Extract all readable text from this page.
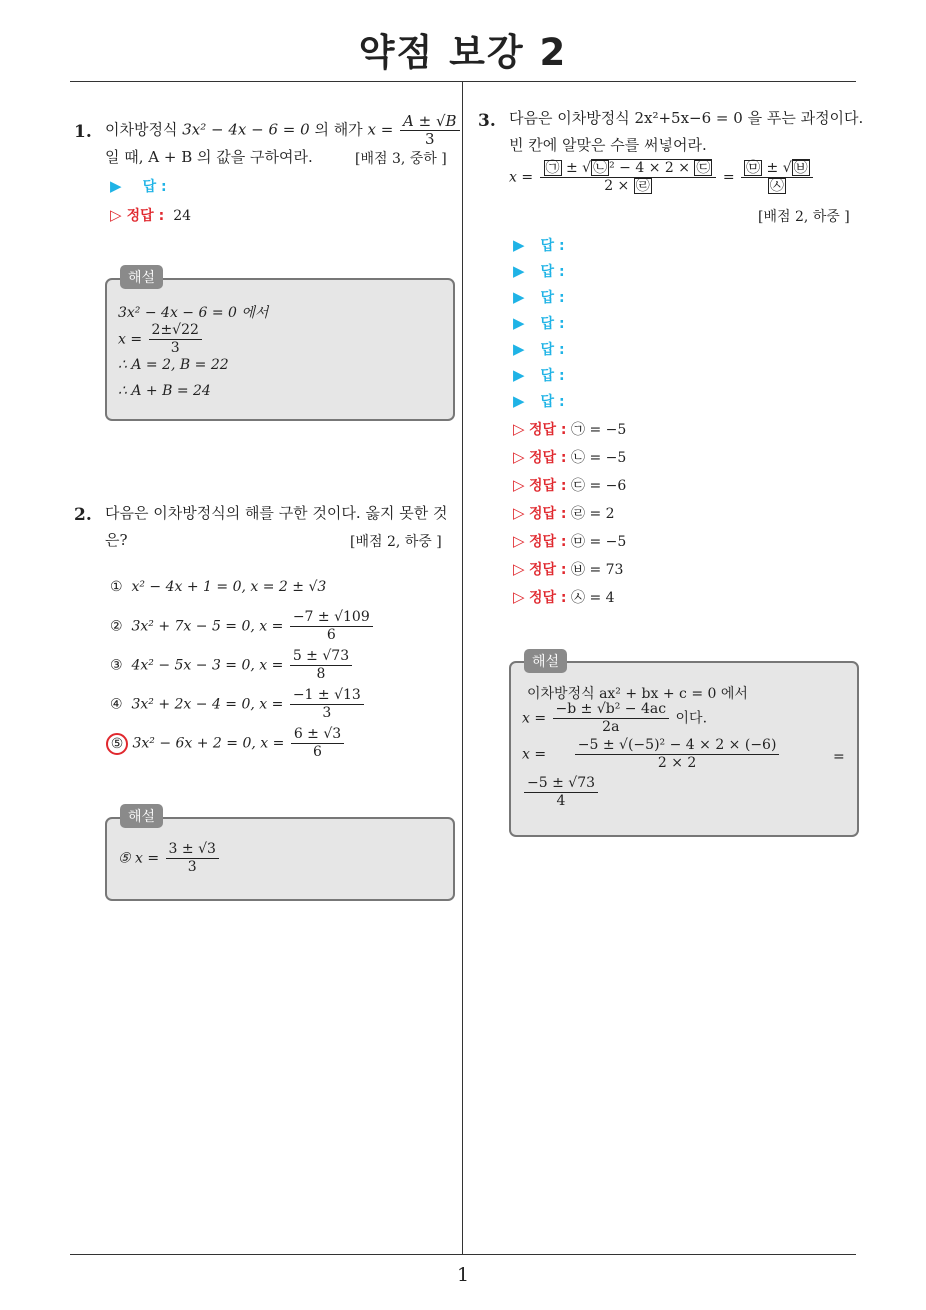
약점 보강 2
1
1. 이차방정식 3x² − 4x − 6 = 0 의 해가 $x = \frac{A \pm √B}{3}$
일 때, A + B 의 값을 구하여라.	[배점 3, 중하 ]
▶ 답 :
▷ 정답 : 24
3x² − 4x − 6 = 0 에서
$x = \frac{2\pm√22}{3}$
∴ A = 2, B = 22
∴ A + B = 24
해설
2. 다음은 이차방정식의 해를 구한 것이다. 옳지 못한 것
은?	[배점 2, 하중 ]
① x² − 4x + 1 = 0, x = 2 ± √3
② 3x² + 7x − 5 = 0, $x = \frac{-7 \pm √109}{6}$
③ 4x² − 5x − 3 = 0, $x = \frac{5 \pm √73}{8}$
④ 3x² + 2x − 4 = 0, $x = \frac{-1 \pm √13}{3}$
⑤ 3x² − 6x + 2 = 0, $x = \frac{6 \pm √3}{6}$
⑤ $x = \frac{3 \pm √3}{3}$
해설
3. 다음은 이차방정식 2x²+5x−6 = 0 을 푸는 과정이다.
빈 칸에 알맞은 수를 써넣어라.
$x = \frac{\text{㉠ ± √ ㉡ ² − 4 × 2 × ㉢}}{2 \times ㉣} = \frac{㉤ \pm √ ㉥}{㉦}$
[배점 2, 하중 ]
▶ 답 :
▶ 답 :
▶ 답 :
▶ 답 :
▶ 답 :
▶ 답 :
▶ 답 :
▷ 정답 : ㉠ = −5
▷ 정답 : ㉡ = −5
▷ 정답 : ㉢ = −6
▷ 정답 : ㉣ = 2
▷ 정답 : ㉤ = −5
▷ 정답 : ㉥ = 73
▷ 정답 : ㉦ = 4
이차방정식 ax² + bx + c = 0 에서
$x = \frac{\text{−b ± √b² − 4ac}}{2a}$ 이다.
$x = \frac{\text{−5 ± √(−5)² − 4 × 2 × (−6)}}{2 \times 2}$	=
$\frac{-5 \pm √73}{4}$
해설
